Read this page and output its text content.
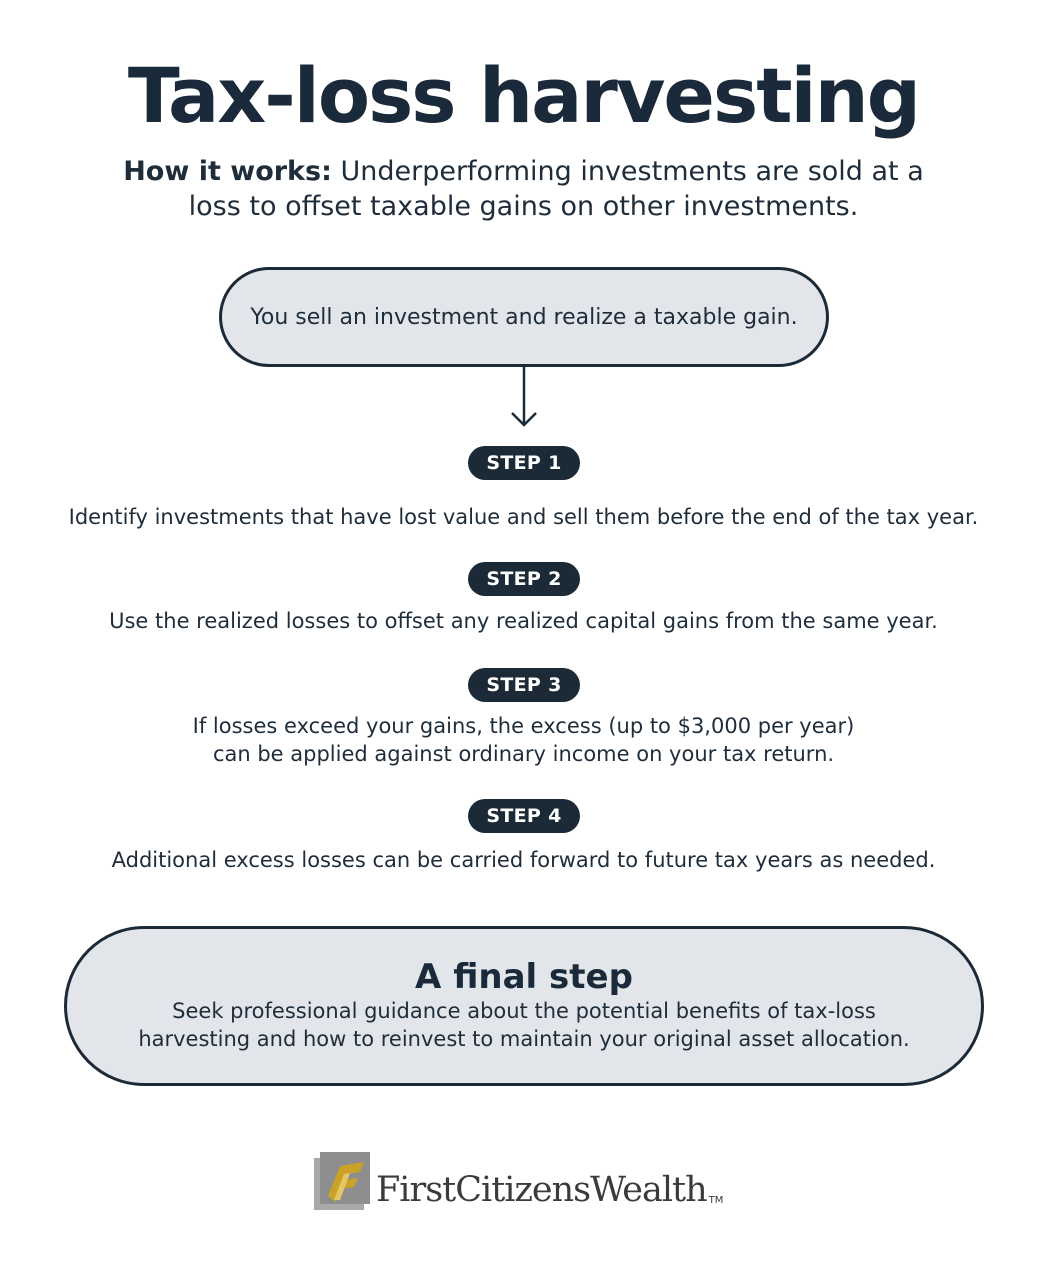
Tax-loss harvesting
How it works: Underperforming investments are sold at a loss to offset taxable gains on other investments.
You sell an investment and realize a taxable gain.
STEP 1
Identify investments that have lost value and sell them before the end of the tax year.
STEP 2
Use the realized losses to offset any realized capital gains from the same year.
STEP 3
If losses exceed your gains, the excess (up to $3,000 per year) can be applied against ordinary income on your tax return.
STEP 4
Additional excess losses can be carried forward to future tax years as needed.
A final step
Seek professional guidance about the potential benefits of tax-loss harvesting and how to reinvest to maintain your original asset allocation.
FirstCitizensWealth TM
